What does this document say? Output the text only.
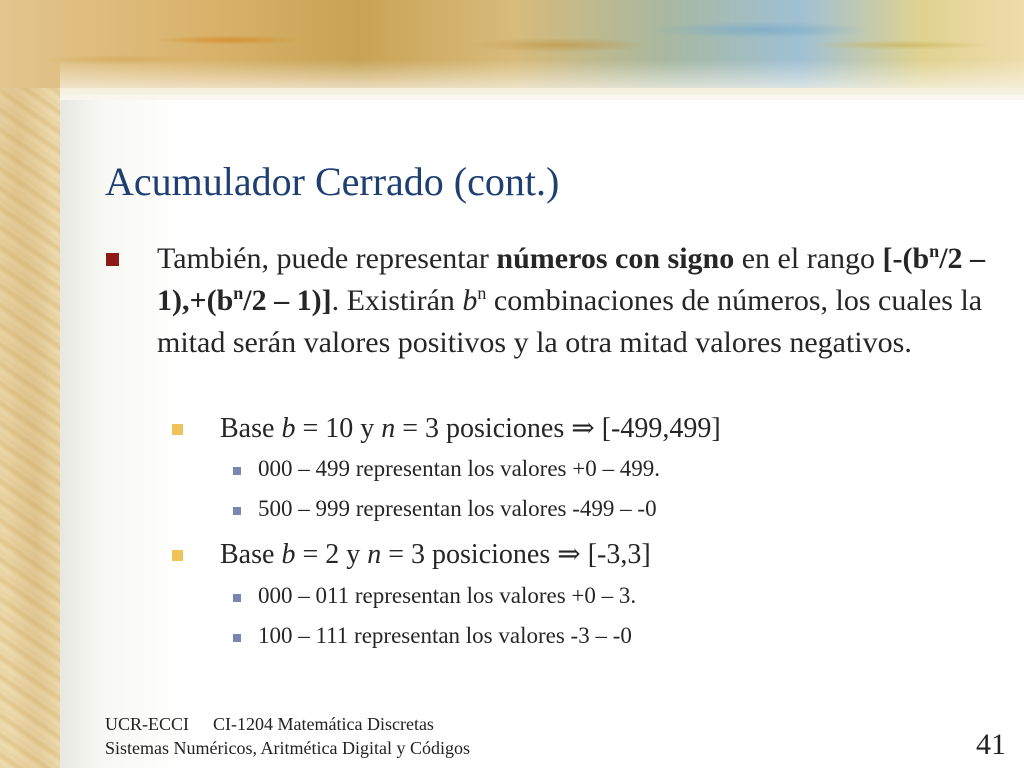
Acumulador Cerrado (cont.)
También, puede representar números con signo en el rango $[-(b^n/2 - 1),+(b^n/2 - 1)]$. Existirán $b^n$ combinaciones de números, los cuales la mitad serán valores positivos y la otra mitad valores negativos.
Base b = 10 y n = 3 posiciones ⇒ [-499,499]
000 – 499 representan los valores +0 – 499.
500 – 999 representan los valores -499 – -0
Base b = 2 y n = 3 posiciones ⇒ [-3,3]
000 – 011 representan los valores +0 – 3.
100 – 111 representan los valores -3 – -0
UCR-ECCI CI-1204 Matemática Discretas
Sistemas Numéricos, Aritmética Digital y Códigos	41
